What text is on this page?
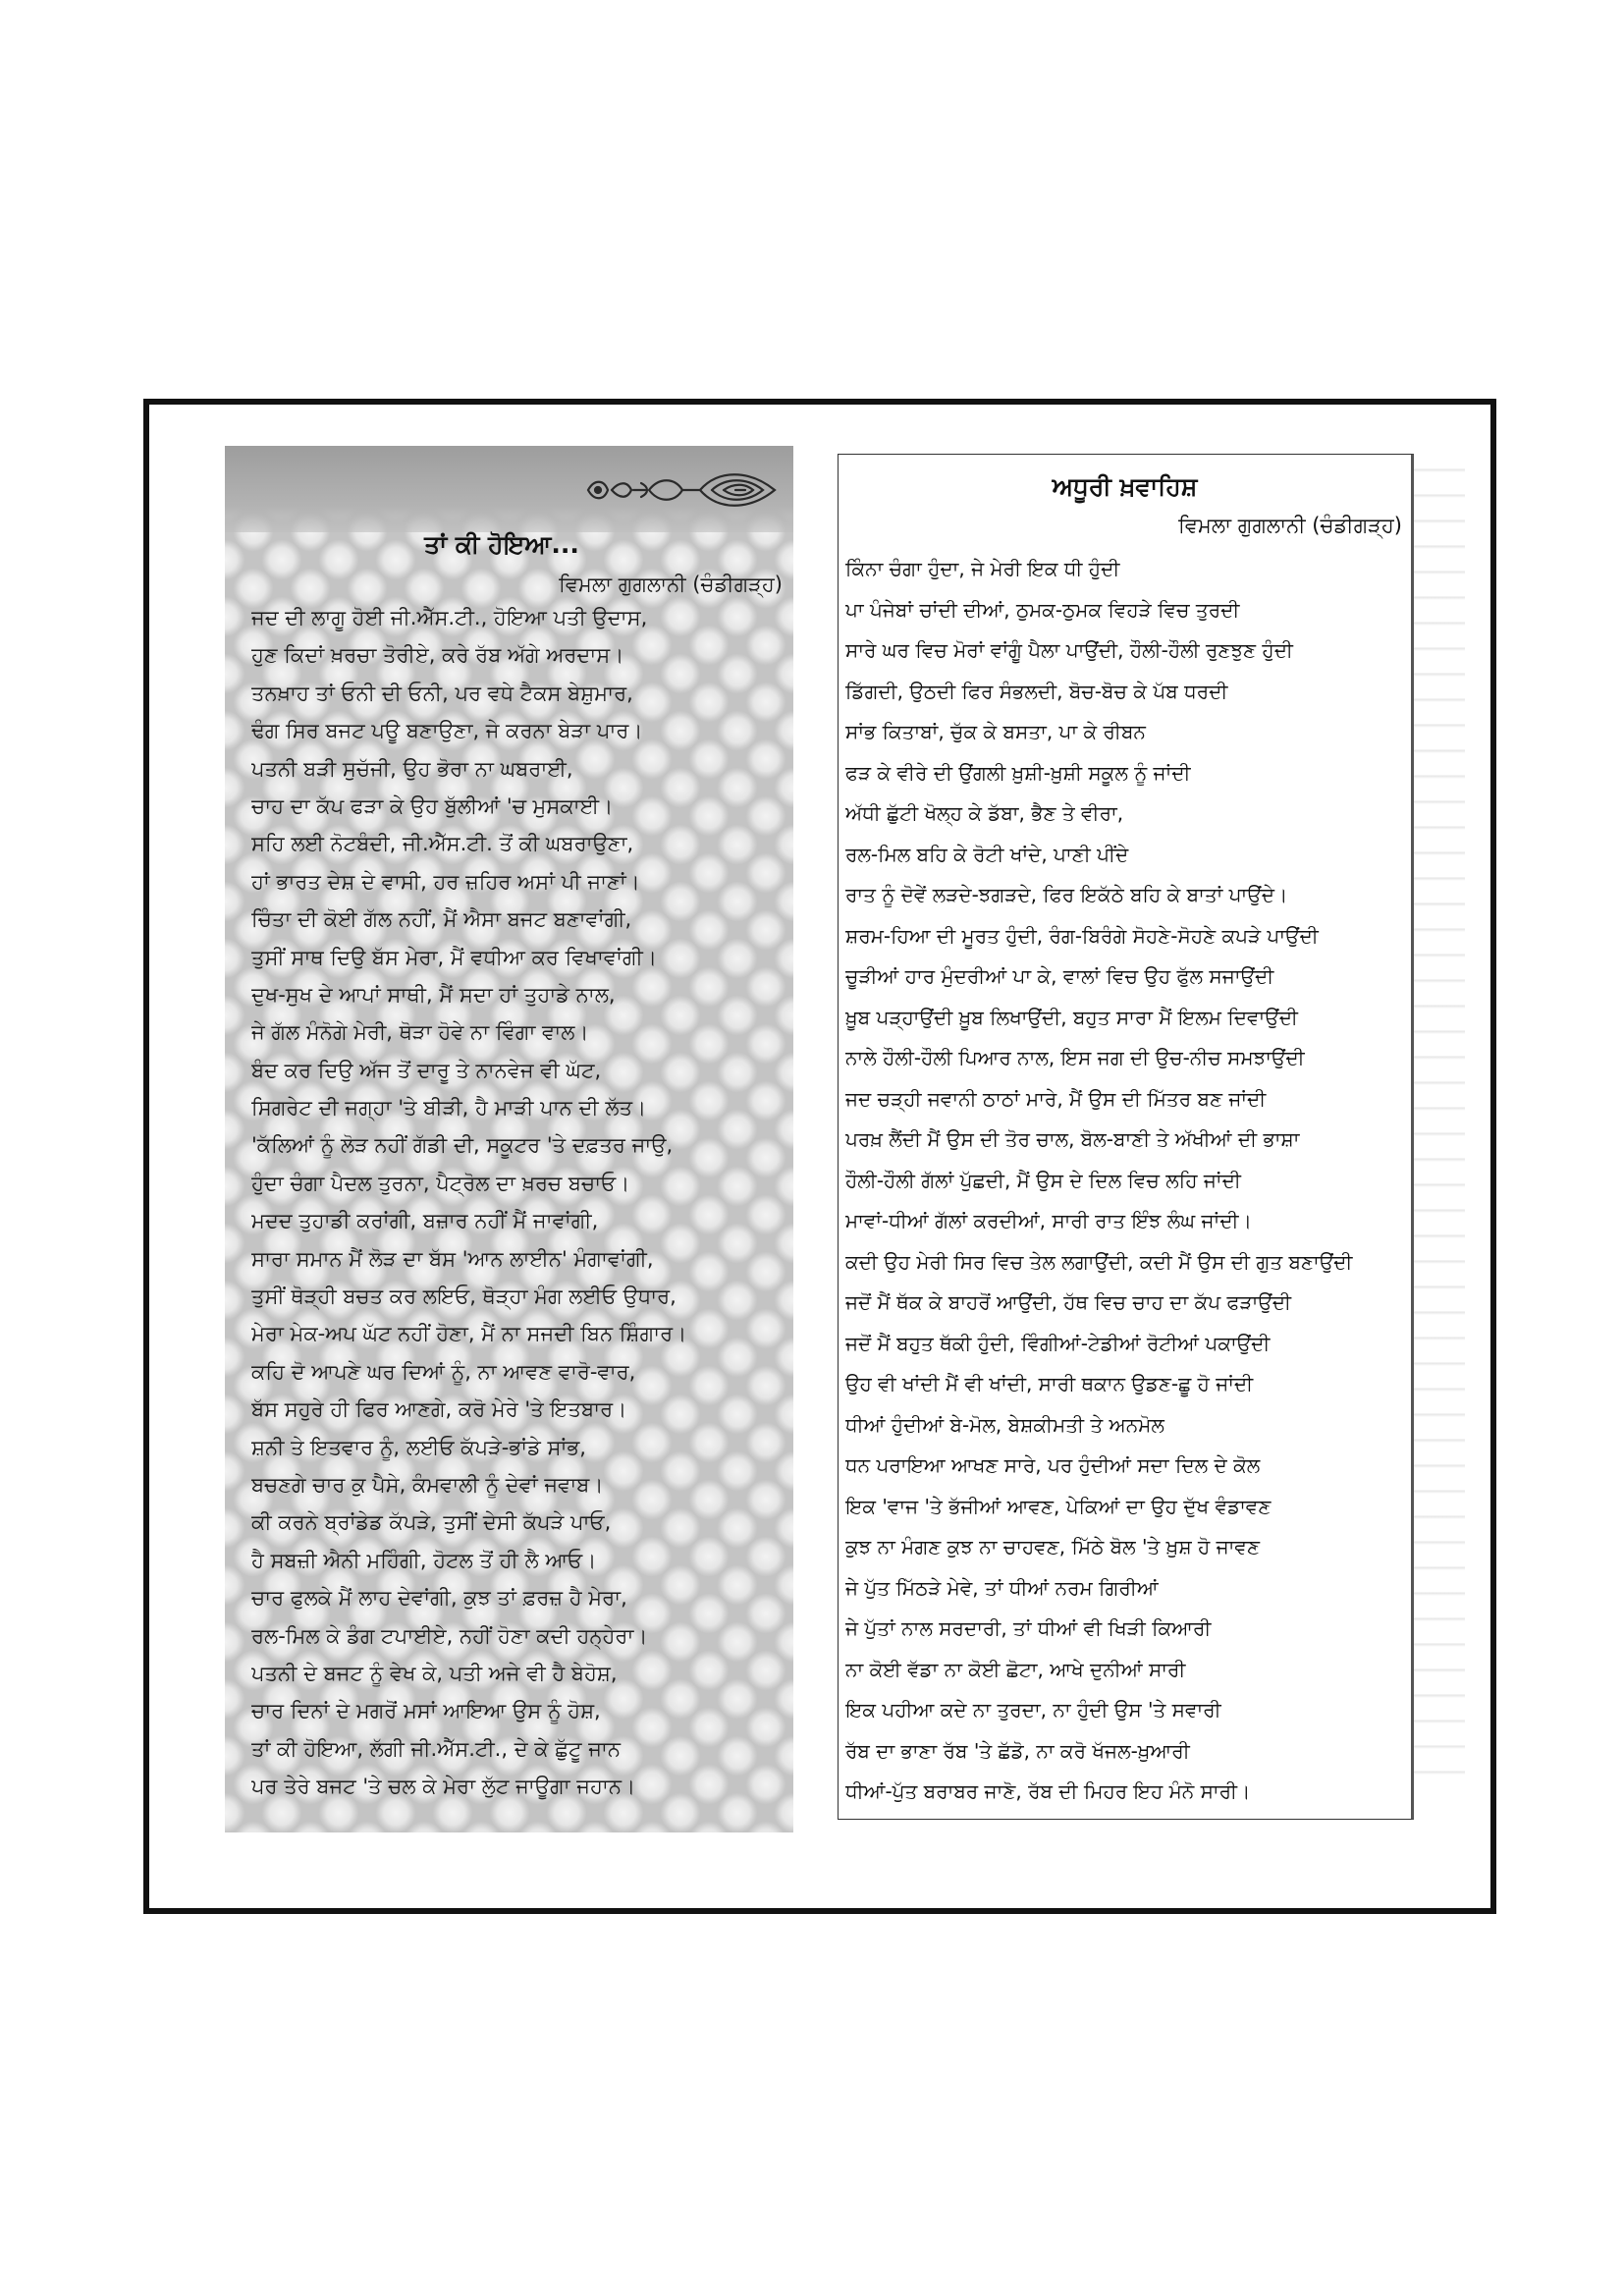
ਤਾਂ ਕੀ ਹੋਇਆ...
ਵਿਮਲਾ ਗੁਗਲਾਨੀ (ਚੰਡੀਗੜ੍ਹ)
ਜਦ ਦੀ ਲਾਗੂ ਹੋਈ ਜੀ.ਐੱਸ.ਟੀ., ਹੋਇਆ ਪਤੀ ਉਦਾਸ,
ਹੁਣ ਕਿਦਾਂ ਖ਼ਰਚਾ ਤੋਰੀਏ, ਕਰੇ ਰੱਬ ਅੱਗੇ ਅਰਦਾਸ।
ਤਨਖ਼ਾਹ ਤਾਂ ਓਨੀ ਦੀ ਓਨੀ, ਪਰ ਵਧੇ ਟੈਕਸ ਬੇਸ਼ੁਮਾਰ,
ਢੰਗ ਸਿਰ ਬਜਟ ਪਊ ਬਣਾਉਣਾ, ਜੇ ਕਰਨਾ ਬੇੜਾ ਪਾਰ।
ਪਤਨੀ ਬੜੀ ਸੁਚੱਜੀ, ਉਹ ਭੋਰਾ ਨਾ ਘਬਰਾਈ,
ਚਾਹ ਦਾ ਕੱਪ ਫੜਾ ਕੇ ਉਹ ਬੁੱਲੀਆਂ 'ਚ ਮੁਸਕਾਈ।
ਸਹਿ ਲਈ ਨੋਟਬੰਦੀ, ਜੀ.ਐੱਸ.ਟੀ. ਤੋਂ ਕੀ ਘਬਰਾਉਣਾ,
ਹਾਂ ਭਾਰਤ ਦੇਸ਼ ਦੇ ਵਾਸੀ, ਹਰ ਜ਼ਹਿਰ ਅਸਾਂ ਪੀ ਜਾਣਾਂ।
ਚਿੰਤਾ ਦੀ ਕੋਈ ਗੱਲ ਨਹੀਂ, ਮੈਂ ਐਸਾ ਬਜਟ ਬਣਾਵਾਂਗੀ,
ਤੁਸੀਂ ਸਾਥ ਦਿਉ ਬੱਸ ਮੇਰਾ, ਮੈਂ ਵਧੀਆ ਕਰ ਵਿਖਾਵਾਂਗੀ।
ਦੁਖ-ਸੁਖ ਦੇ ਆਪਾਂ ਸਾਥੀ, ਮੈਂ ਸਦਾ ਹਾਂ ਤੁਹਾਡੇ ਨਾਲ,
ਜੇ ਗੱਲ ਮੰਨੋਗੇ ਮੇਰੀ, ਥੋੜਾ ਹੋਵੇ ਨਾ ਵਿੰਗਾ ਵਾਲ।
ਬੰਦ ਕਰ ਦਿਉ ਅੱਜ ਤੋਂ ਦਾਰੂ ਤੇ ਨਾਨਵੇਜ ਵੀ ਘੱਟ,
ਸਿਗਰੇਟ ਦੀ ਜਗ੍ਹਾ 'ਤੇ ਬੀੜੀ, ਹੈ ਮਾੜੀ ਪਾਨ ਦੀ ਲੱਤ।
'ਕੱਲਿਆਂ ਨੂੰ ਲੋੜ ਨਹੀਂ ਗੱਡੀ ਦੀ, ਸਕੂਟਰ 'ਤੇ ਦਫ਼ਤਰ ਜਾਉ,
ਹੁੰਦਾ ਚੰਗਾ ਪੈਦਲ ਤੁਰਨਾ, ਪੈਟ੍ਰੋਲ ਦਾ ਖ਼ਰਚ ਬਚਾਓ।
ਮਦਦ ਤੁਹਾਡੀ ਕਰਾਂਗੀ, ਬਜ਼ਾਰ ਨਹੀਂ ਮੈਂ ਜਾਵਾਂਗੀ,
ਸਾਰਾ ਸਮਾਨ ਮੈਂ ਲੋੜ ਦਾ ਬੱਸ 'ਆਨ ਲਾਈਨ' ਮੰਗਾਵਾਂਗੀ,
ਤੁਸੀਂ ਥੋੜ੍ਹੀ ਬਚਤ ਕਰ ਲਇਓ, ਥੋੜ੍ਹਾ ਮੰਗ ਲਈਓ ਉਧਾਰ,
ਮੇਰਾ ਮੇਕ-ਅਪ ਘੱਟ ਨਹੀਂ ਹੋਣਾ, ਮੈਂ ਨਾ ਸਜਦੀ ਬਿਨ ਸ਼ਿੰਗਾਰ।
ਕਹਿ ਦੋ ਆਪਣੇ ਘਰ ਦਿਆਂ ਨੂੰ, ਨਾ ਆਵਣ ਵਾਰੋ-ਵਾਰ,
ਬੱਸ ਸਹੁਰੇ ਹੀ ਫਿਰ ਆਣਗੇ, ਕਰੋ ਮੇਰੇ 'ਤੇ ਇਤਬਾਰ।
ਸ਼ਨੀ ਤੇ ਇਤਵਾਰ ਨੂੰ, ਲਈਓ ਕੱਪੜੇ-ਭਾਂਡੇ ਸਾਂਭ,
ਬਚਣਗੇ ਚਾਰ ਕੁ ਪੈਸੇ, ਕੰਮਵਾਲੀ ਨੂੰ ਦੇਵਾਂ ਜਵਾਬ।
ਕੀ ਕਰਨੇ ਬ੍ਰਾਂਡੇਡ ਕੱਪੜੇ, ਤੁਸੀਂ ਦੇਸੀ ਕੱਪੜੇ ਪਾਓ,
ਹੈ ਸਬਜ਼ੀ ਐਨੀ ਮਹਿੰਗੀ, ਹੋਟਲ ਤੋਂ ਹੀ ਲੈ ਆਓ।
ਚਾਰ ਫੁਲਕੇ ਮੈਂ ਲਾਹ ਦੇਵਾਂਗੀ, ਕੁਝ ਤਾਂ ਫ਼ਰਜ਼ ਹੈ ਮੇਰਾ,
ਰਲ-ਮਿਲ ਕੇ ਡੰਗ ਟਪਾਈਏ, ਨਹੀਂ ਹੋਣਾ ਕਦੀ ਹਨ੍ਹੇਰਾ।
ਪਤਨੀ ਦੇ ਬਜਟ ਨੂੰ ਵੇਖ ਕੇ, ਪਤੀ ਅਜੇ ਵੀ ਹੈ ਬੇਹੋਸ਼,
ਚਾਰ ਦਿਨਾਂ ਦੇ ਮਗਰੋਂ ਮਸਾਂ ਆਇਆ ਉਸ ਨੂੰ ਹੋਸ਼,
ਤਾਂ ਕੀ ਹੋਇਆ, ਲੱਗੀ ਜੀ.ਐੱਸ.ਟੀ., ਦੇ ਕੇ ਛੁੱਟੂ ਜਾਨ
ਪਰ ਤੇਰੇ ਬਜਟ 'ਤੇ ਚਲ ਕੇ ਮੇਰਾ ਲੁੱਟ ਜਾਊਗਾ ਜਹਾਨ।
ਅਧੂਰੀ ਖ਼ਵਾਹਿਸ਼
ਵਿਮਲਾ ਗੁਗਲਾਨੀ (ਚੰਡੀਗੜ੍ਹ)
ਕਿੰਨਾ ਚੰਗਾ ਹੁੰਦਾ, ਜੇ ਮੇਰੀ ਇਕ ਧੀ ਹੁੰਦੀ
ਪਾ ਪੰਜੇਬਾਂ ਚਾਂਦੀ ਦੀਆਂ, ਠੁਮਕ-ਠੁਮਕ ਵਿਹੜੇ ਵਿਚ ਤੁਰਦੀ
ਸਾਰੇ ਘਰ ਵਿਚ ਮੋਰਾਂ ਵਾਂਗੂੰ ਪੈਲਾ ਪਾਉਂਦੀ, ਹੌਲੀ-ਹੌਲੀ ਰੁਣਝੁਣ ਹੁੰਦੀ
ਡਿੱਗਦੀ, ਉਠਦੀ ਫਿਰ ਸੰਭਲਦੀ, ਬੋਚ-ਬੋਚ ਕੇ ਪੱਬ ਧਰਦੀ
ਸਾਂਭ ਕਿਤਾਬਾਂ, ਚੁੱਕ ਕੇ ਬਸਤਾ, ਪਾ ਕੇ ਰੀਬਨ
ਫੜ ਕੇ ਵੀਰੇ ਦੀ ਉਂਗਲੀ ਖ਼ੁਸ਼ੀ-ਖ਼ੁਸ਼ੀ ਸਕੂਲ ਨੂੰ ਜਾਂਦੀ
ਅੱਧੀ ਛੁੱਟੀ ਖੋਲ੍ਹ ਕੇ ਡੱਬਾ, ਭੈਣ ਤੇ ਵੀਰਾ,
ਰਲ-ਮਿਲ ਬਹਿ ਕੇ ਰੋਟੀ ਖਾਂਦੇ, ਪਾਣੀ ਪੀਂਦੇ
ਰਾਤ ਨੂੰ ਦੋਵੇਂ ਲੜਦੇ-ਝਗੜਦੇ, ਫਿਰ ਇਕੱਠੇ ਬਹਿ ਕੇ ਬਾਤਾਂ ਪਾਉਂਦੇ।
ਸ਼ਰਮ-ਹਿਆ ਦੀ ਮੂਰਤ ਹੁੰਦੀ, ਰੰਗ-ਬਿਰੰਗੇ ਸੋਹਣੇ-ਸੋਹਣੇ ਕਪੜੇ ਪਾਉਂਦੀ
ਚੂੜੀਆਂ ਹਾਰ ਮੁੰਦਰੀਆਂ ਪਾ ਕੇ, ਵਾਲਾਂ ਵਿਚ ਉਹ ਫੁੱਲ ਸਜਾਉਂਦੀ
ਖ਼ੂਬ ਪੜ੍ਹਾਉਂਦੀ ਖ਼ੂਬ ਲਿਖਾਉਂਦੀ, ਬਹੁਤ ਸਾਰਾ ਮੈਂ ਇਲਮ ਦਿਵਾਉਂਦੀ
ਨਾਲੇ ਹੌਲੀ-ਹੌਲੀ ਪਿਆਰ ਨਾਲ, ਇਸ ਜਗ ਦੀ ਉਚ-ਨੀਚ ਸਮਝਾਉਂਦੀ
ਜਦ ਚੜ੍ਹੀ ਜਵਾਨੀ ਠਾਠਾਂ ਮਾਰੇ, ਮੈਂ ਉਸ ਦੀ ਮਿੱਤਰ ਬਣ ਜਾਂਦੀ
ਪਰਖ਼ ਲੈਂਦੀ ਮੈਂ ਉਸ ਦੀ ਤੋਰ ਚਾਲ, ਬੋਲ-ਬਾਣੀ ਤੇ ਅੱਖੀਆਂ ਦੀ ਭਾਸ਼ਾ
ਹੌਲੀ-ਹੌਲੀ ਗੱਲਾਂ ਪੁੱਛਦੀ, ਮੈਂ ਉਸ ਦੇ ਦਿਲ ਵਿਚ ਲਹਿ ਜਾਂਦੀ
ਮਾਵਾਂ-ਧੀਆਂ ਗੱਲਾਂ ਕਰਦੀਆਂ, ਸਾਰੀ ਰਾਤ ਇੰਝ ਲੰਘ ਜਾਂਦੀ।
ਕਦੀ ਉਹ ਮੇਰੀ ਸਿਰ ਵਿਚ ਤੇਲ ਲਗਾਉਂਦੀ, ਕਦੀ ਮੈਂ ਉਸ ਦੀ ਗੁਤ ਬਣਾਉਂਦੀ
ਜਦੋਂ ਮੈਂ ਥੱਕ ਕੇ ਬਾਹਰੋਂ ਆਉਂਦੀ, ਹੱਥ ਵਿਚ ਚਾਹ ਦਾ ਕੱਪ ਫੜਾਉਂਦੀ
ਜਦੋਂ ਮੈਂ ਬਹੁਤ ਥੱਕੀ ਹੁੰਦੀ, ਵਿੰਗੀਆਂ-ਟੇਡੀਆਂ ਰੋਟੀਆਂ ਪਕਾਉਂਦੀ
ਉਹ ਵੀ ਖਾਂਦੀ ਮੈਂ ਵੀ ਖਾਂਦੀ, ਸਾਰੀ ਥਕਾਨ ਉਡਣ-ਛੂ ਹੋ ਜਾਂਦੀ
ਧੀਆਂ ਹੁੰਦੀਆਂ ਬੇ-ਮੋਲ, ਬੇਸ਼ਕੀਮਤੀ ਤੇ ਅਨਮੋਲ
ਧਨ ਪਰਾਇਆ ਆਖਣ ਸਾਰੇ, ਪਰ ਹੁੰਦੀਆਂ ਸਦਾ ਦਿਲ ਦੇ ਕੋਲ
ਇਕ 'ਵਾਜ 'ਤੇ ਭੱਜੀਆਂ ਆਵਣ, ਪੇਕਿਆਂ ਦਾ ਉਹ ਦੁੱਖ ਵੰਡਾਵਣ
ਕੁਝ ਨਾ ਮੰਗਣ ਕੁਝ ਨਾ ਚਾਹਵਣ, ਮਿੱਠੇ ਬੋਲ 'ਤੇ ਖ਼ੁਸ਼ ਹੋ ਜਾਵਣ
ਜੇ ਪੁੱਤ ਮਿੱਠੜੇ ਮੇਵੇ, ਤਾਂ ਧੀਆਂ ਨਰਮ ਗਿਰੀਆਂ
ਜੇ ਪੁੱਤਾਂ ਨਾਲ ਸਰਦਾਰੀ, ਤਾਂ ਧੀਆਂ ਵੀ ਖਿੜੀ ਕਿਆਰੀ
ਨਾ ਕੋਈ ਵੱਡਾ ਨਾ ਕੋਈ ਛੋਟਾ, ਆਖੇ ਦੁਨੀਆਂ ਸਾਰੀ
ਇਕ ਪਹੀਆ ਕਦੇ ਨਾ ਤੁਰਦਾ, ਨਾ ਹੁੰਦੀ ਉਸ 'ਤੇ ਸਵਾਰੀ
ਰੱਬ ਦਾ ਭਾਣਾ ਰੱਬ 'ਤੇ ਛੱਡੋ, ਨਾ ਕਰੋ ਖੱਜਲ-ਖ਼ੁਆਰੀ
ਧੀਆਂ-ਪੁੱਤ ਬਰਾਬਰ ਜਾਣੋ, ਰੱਬ ਦੀ ਮਿਹਰ ਇਹ ਮੰਨੋ ਸਾਰੀ।
